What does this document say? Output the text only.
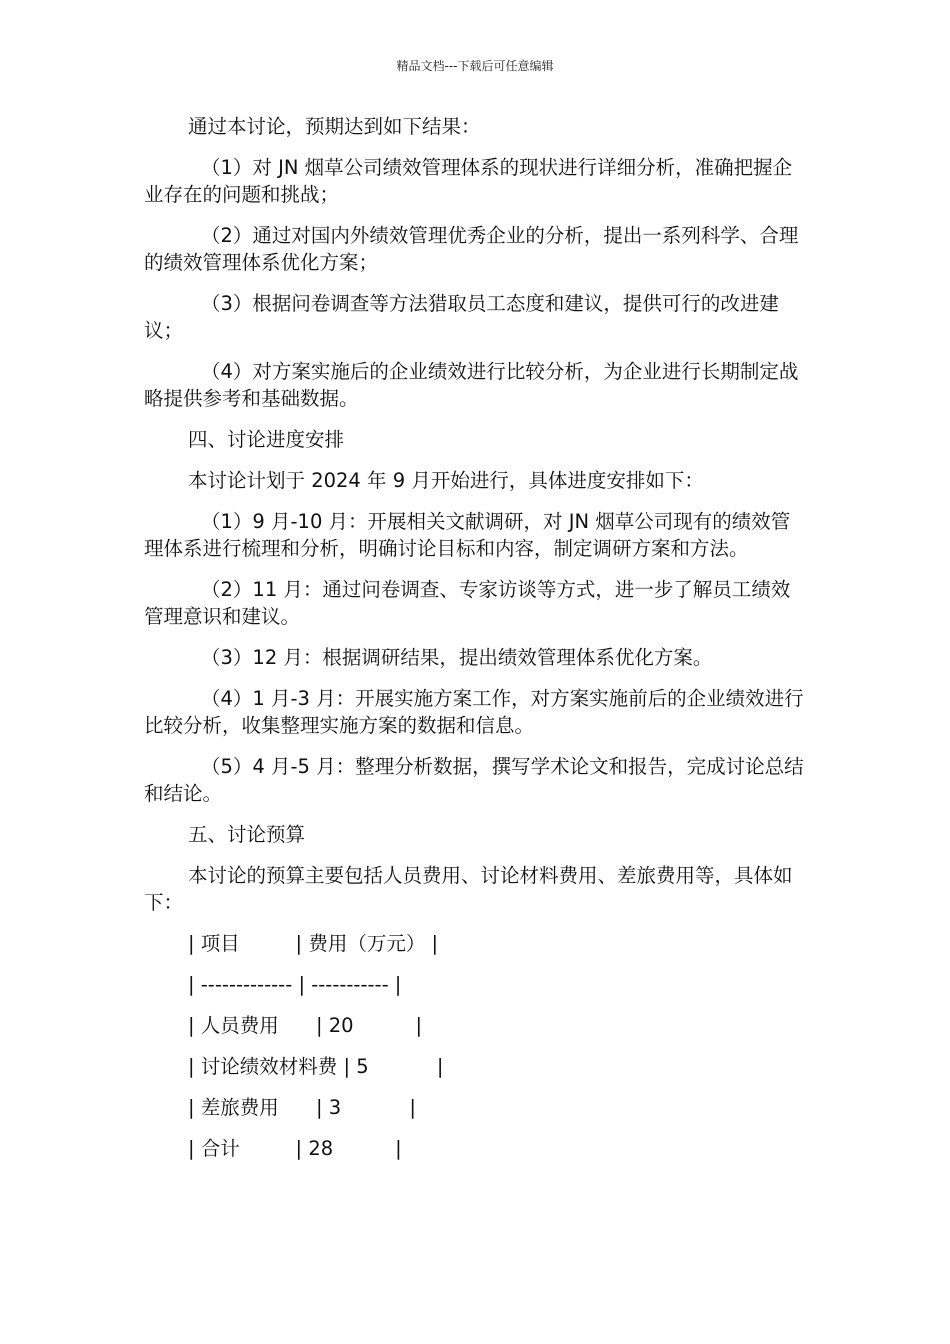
精品文档---下载后可任意编辑

通过本讨论，预期达到如下结果：

（1）对 JN 烟草公司绩效管理体系的现状进行详细分析，准确把握企业存在的问题和挑战；

（2）通过对国内外绩效管理优秀企业的分析，提出一系列科学、合理的绩效管理体系优化方案；

（3）根据问卷调查等方法猎取员工态度和建议，提供可行的改进建议；

（4）对方案实施后的企业绩效进行比较分析，为企业进行长期制定战略提供参考和基础数据。

四、讨论进度安排

本讨论计划于 2024 年 9 月开始进行，具体进度安排如下：

（1）9 月-10 月：开展相关文献调研，对 JN 烟草公司现有的绩效管理体系进行梳理和分析，明确讨论目标和内容，制定调研方案和方法。

（2）11 月：通过问卷调查、专家访谈等方式，进一步了解员工绩效管理意识和建议。

（3）12 月：根据调研结果，提出绩效管理体系优化方案。

（4）1 月-3 月：开展实施方案工作，对方案实施前后的企业绩效进行比较分析，收集整理实施方案的数据和信息。

（5）4 月-5 月：整理分析数据，撰写学术论文和报告，完成讨论总结和结论。

五、讨论预算

本讨论的预算主要包括人员费用、讨论材料费用、差旅费用等，具体如下：

| 项目         | 费用（万元） |

| ------------- | ----------- |

| 人员费用      | 20          |

| 讨论绩效材料费 | 5           |

| 差旅费用      | 3           |

| 合计         | 28          |
